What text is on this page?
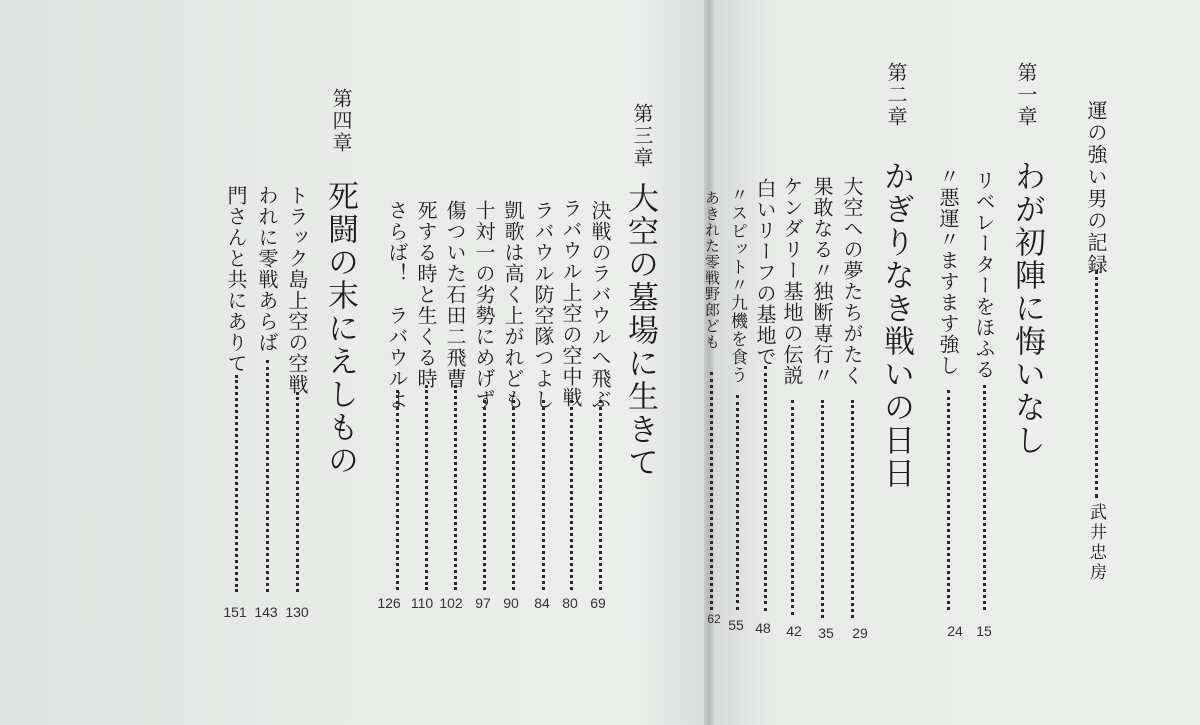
運の強い男の記録
武井忠房
第一章
わが初陣に悔いなし
リベレーターをほふる
15
〃悪運〃ますます強し
24
第二章
かぎりなき戦いの日日
大空への夢たちがたく
29
果敢なる〃独断専行〃
35
ケンダリー基地の伝説
42
白いリーフの基地で
48
〃スピット〃九機を食う
55
あきれた零戦野郎ども
62
第三章
大空の墓場に生きて
決戦のラバウルへ飛ぶ
69
ラバウル上空の空中戦
80
ラバウル防空隊つよし
84
凱歌は高く上がれども
90
十対一の劣勢にめげず
97
傷ついた石田二飛曹
102
死する時と生くる時
110
さらば！　ラバウルよ
126
第四章
死闘の末にえしもの
トラック島上空の空戦
130
われに零戦あらば
143
門さんと共にありて
151
